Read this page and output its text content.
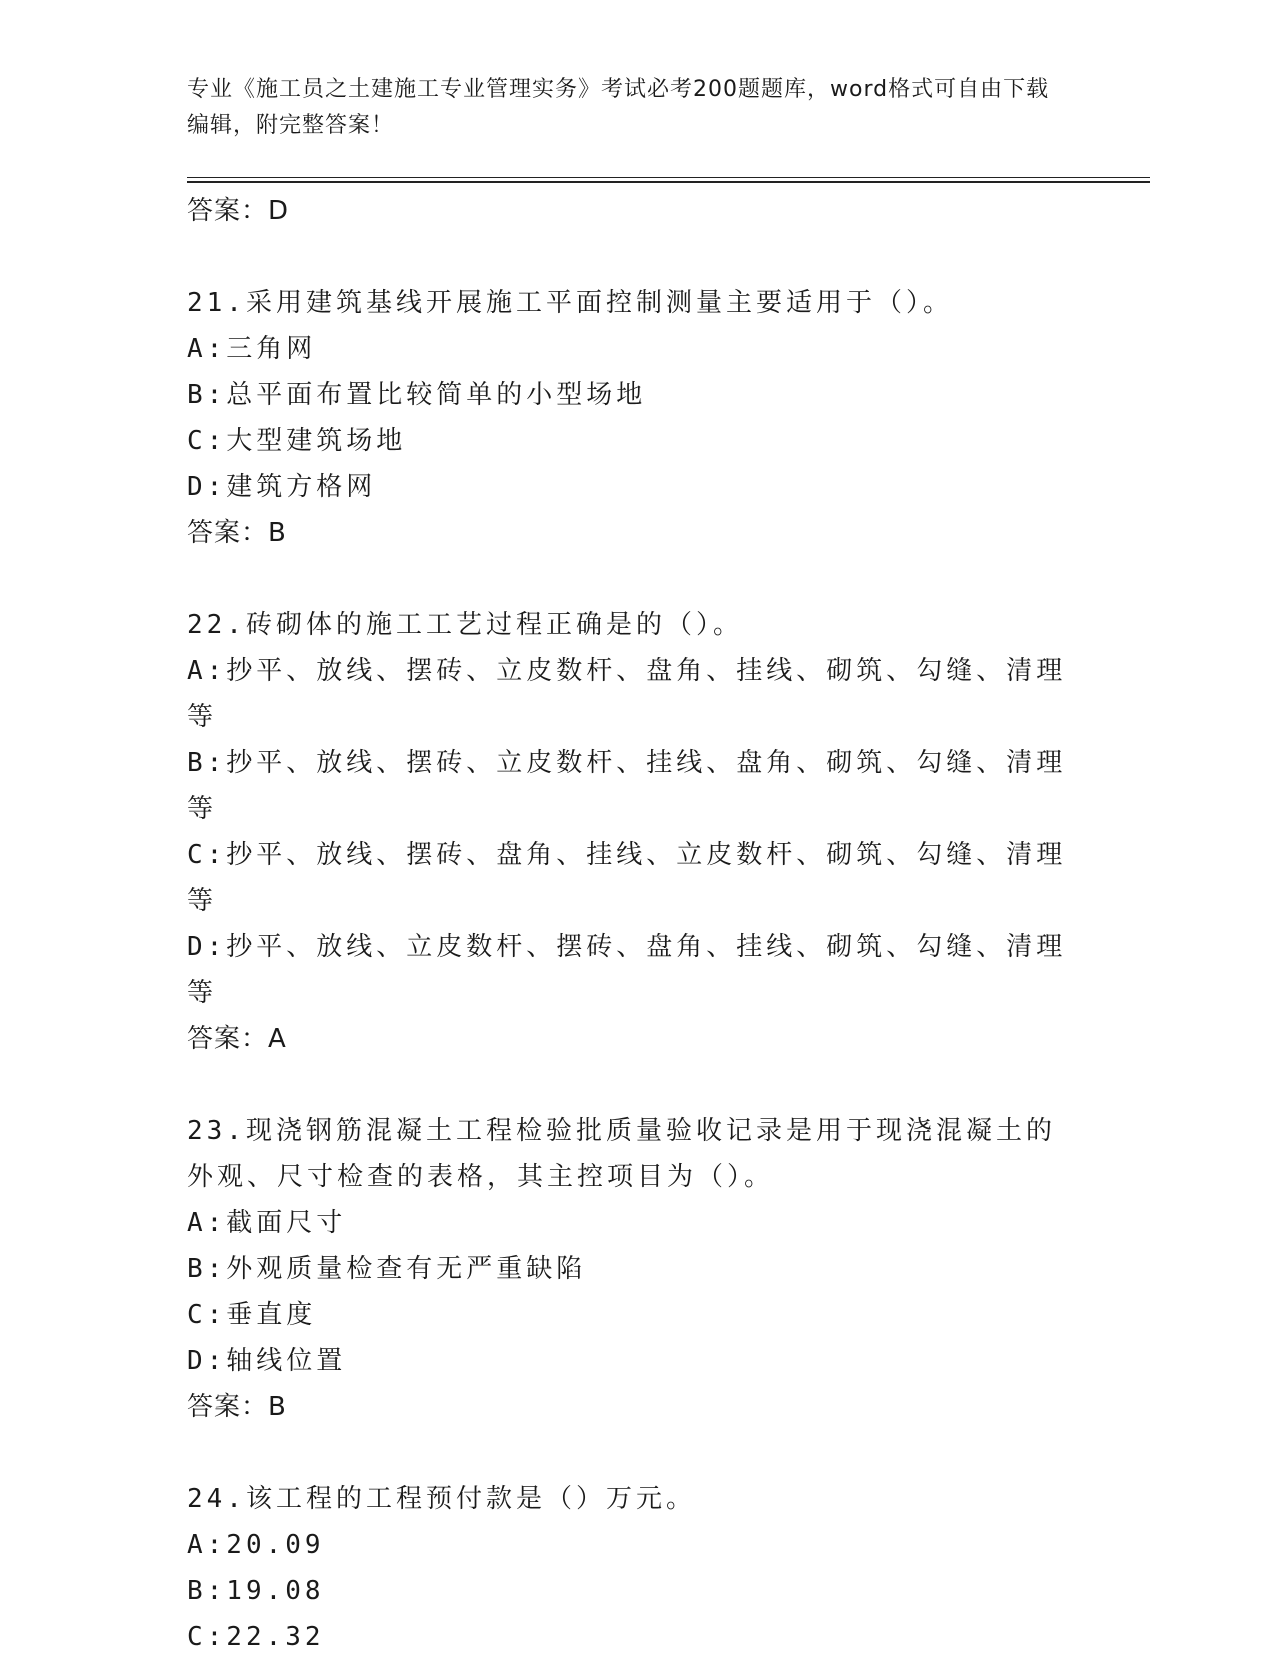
专业《施工员之土建施工专业管理实务》考试必考200题题库，word格式可自由下载编辑，附完整答案！
答案：D
21.采用建筑基线开展施工平面控制测量主要适用于（）。
A:三角网
B:总平面布置比较简单的小型场地
C:大型建筑场地
D:建筑方格网
答案：B
22.砖砌体的施工工艺过程正确是的（）。
A:抄平、放线、摆砖、立皮数杆、盘角、挂线、砌筑、勾缝、清理等
B:抄平、放线、摆砖、立皮数杆、挂线、盘角、砌筑、勾缝、清理等
C:抄平、放线、摆砖、盘角、挂线、立皮数杆、砌筑、勾缝、清理等
D:抄平、放线、立皮数杆、摆砖、盘角、挂线、砌筑、勾缝、清理等
答案：A
23.现浇钢筋混凝土工程检验批质量验收记录是用于现浇混凝土的外观、尺寸检查的表格，其主控项目为（）。
A:截面尺寸
B:外观质量检查有无严重缺陷
C:垂直度
D:轴线位置
答案：B
24.该工程的工程预付款是（）万元。
A:20.09
B:19.08
C:22.32
